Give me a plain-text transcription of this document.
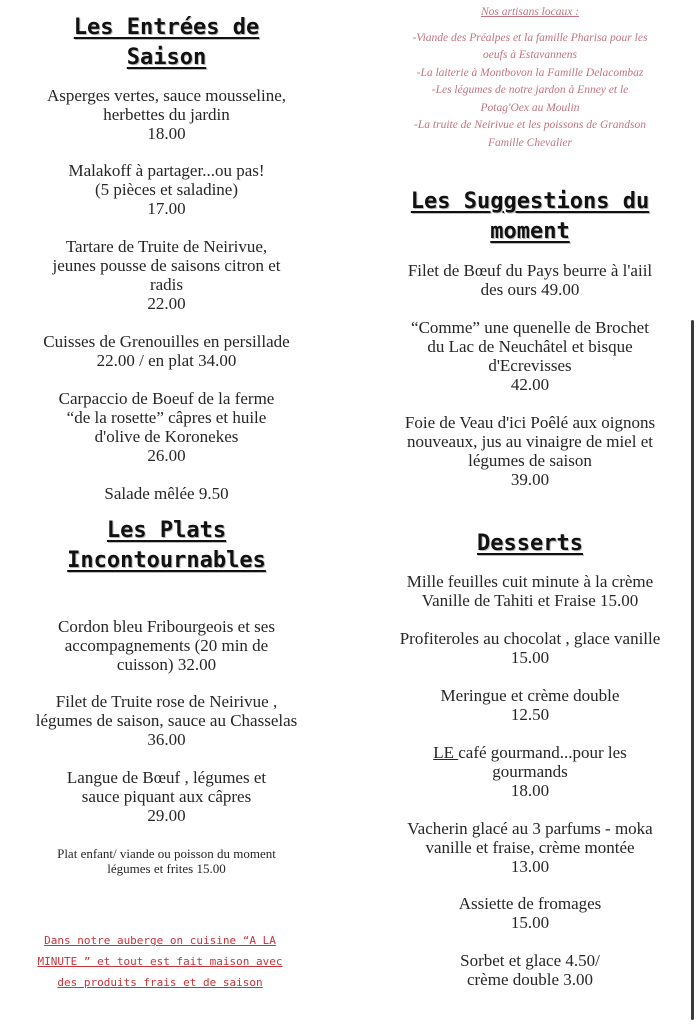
Les Entrées de
Saison
Asperges vertes, sauce mousseline,
herbettes du jardin
18.00
Malakoff à partager...ou pas!
(5 pièces et saladine)
17.00
Tartare de Truite de Neirivue,
jeunes pousse de saisons citron et
radis
22.00
Cuisses de Grenouilles en persillade
22.00 / en plat 34.00
Carpaccio de Boeuf de la ferme
“de la rosette” câpres et huile
d'olive de Koronekes
26.00
Salade mêlée 9.50
Les Plats
Incontournables
Cordon bleu Fribourgeois et ses
accompagnements (20 min de
cuisson) 32.00
Filet de Truite rose de Neirivue ,
légumes de saison, sauce au Chasselas
36.00
Langue de Bœuf , légumes et
sauce piquant aux câpres
29.00
Plat enfant/ viande ou poisson du moment
légumes et frites 15.00
Dans notre auberge on cuisine “A LA
MINUTE ” et tout est fait maison avec
des produits frais et de saison
Nos artisans locaux :
-Viande des Préalpes et la famille Pharisa pour les
oeufs à Estavannens
-La laiterie à Montbovon la Famille Delacombaz
-Les légumes de notre jardon à Enney et le
Potag'Oex au Moulin
-La truite de Neirivue et les poissons de Grandson
Famille Chevalier
Les Suggestions du
moment
Filet de Bœuf du Pays beurre à l'aiil
des ours 49.00
“Comme” une quenelle de Brochet
du Lac de Neuchâtel et bisque
d'Ecrevisses
42.00
Foie de Veau d'ici Poêlé aux oignons
nouveaux, jus au vinaigre de miel et
légumes de saison
39.00
Desserts
Mille feuilles cuit minute à la crème
Vanille de Tahiti et Fraise 15.00
Profiteroles au chocolat , glace vanille
15.00
Meringue et crème double
12.50
LE café gourmand...pour les
gourmands
18.00
Vacherin glacé au 3 parfums - moka
vanille et fraise, crème montée
13.00
Assiette de fromages
15.00
Sorbet et glace 4.50/
crème double 3.00
